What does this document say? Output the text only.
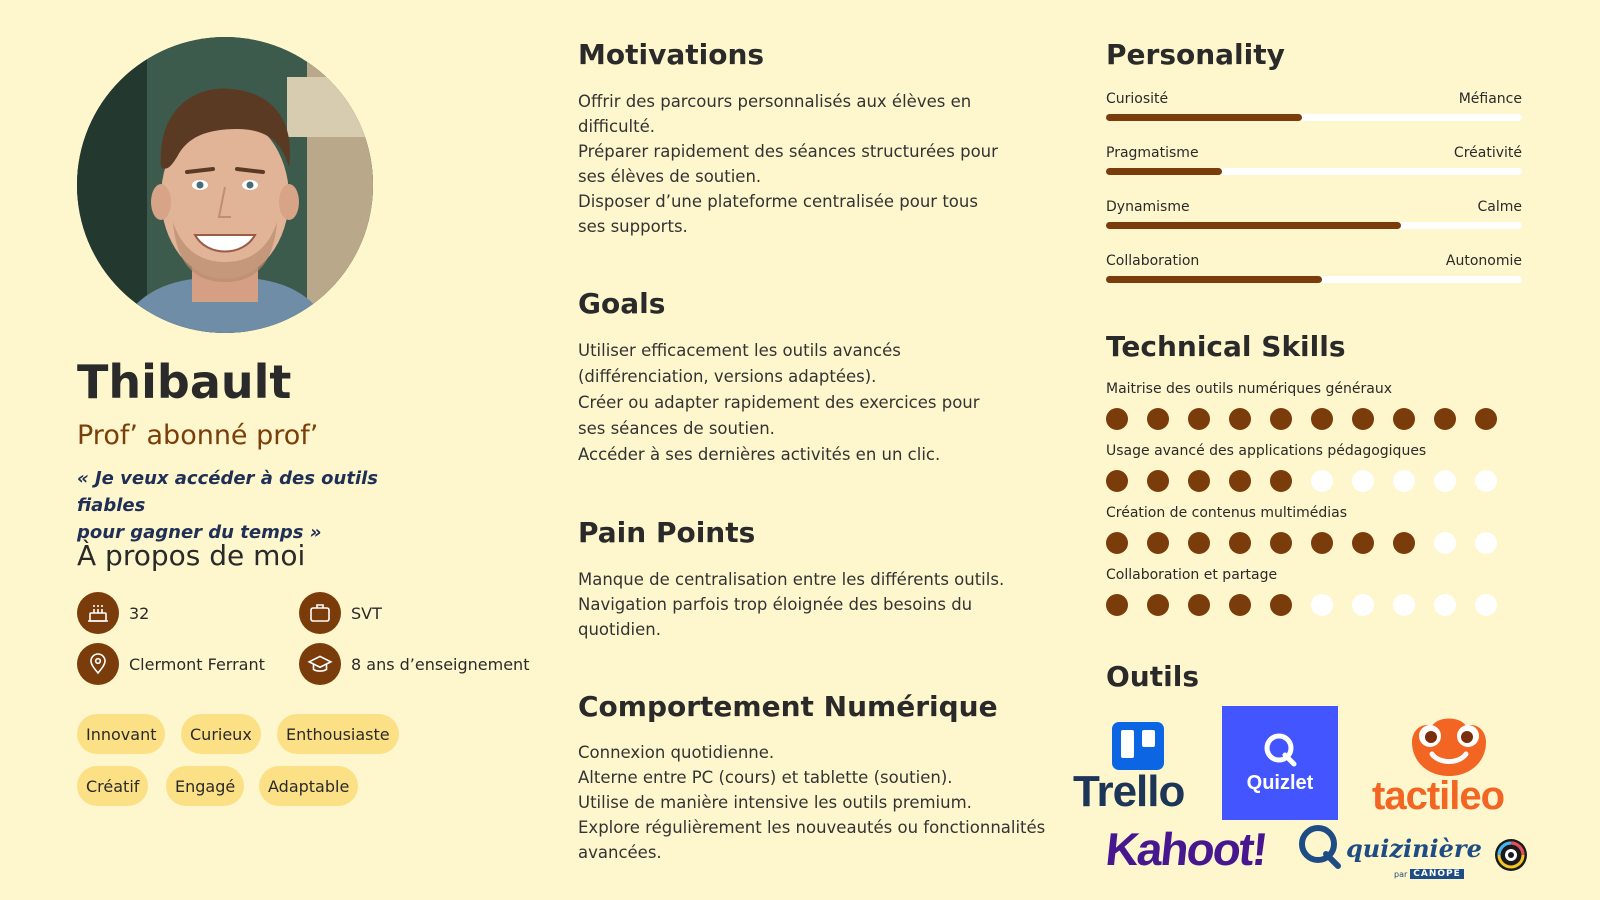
Thibault
Prof’ abonné prof’
« Je veux accéder à des outils fiables
pour gagner du temps »
À propos de moi
32	SVT
Clermont Ferrant	8 ans d’enseignement
Innovant	Curieux	Enthousiaste
Créatif	Engagé	Adaptable
Motivations
Offrir des parcours personnalisés aux élèves en
difficulté.
Préparer rapidement des séances structurées pour
ses élèves de soutien.
Disposer d’une plateforme centralisée pour tous
ses supports.
Goals
Utiliser efficacement les outils avancés
(différenciation, versions adaptées).
Créer ou adapter rapidement des exercices pour
ses séances de soutien.
Accéder à ses dernières activités en un clic.
Pain Points
Manque de centralisation entre les différents outils.
Navigation parfois trop éloignée des besoins du
quotidien.
Comportement Numérique
Connexion quotidienne.
Alterne entre PC (cours) et tablette (soutien).
Utilise de manière intensive les outils premium.
Explore régulièrement les nouveautés ou fonctionnalités
avancées.
Personality
Curiosité	Méfiance
Pragmatisme	Créativité
Dynamisme	Calme
Collaboration	Autonomie
Technical Skills
Maitrise des outils numériques généraux
Usage avancé des applications pédagogiques
Création de contenus multimédias
Collaboration et partage
Outils
Trello	Quizlet tactileo
Kahoot!	quizinière
par CANOPÉ
